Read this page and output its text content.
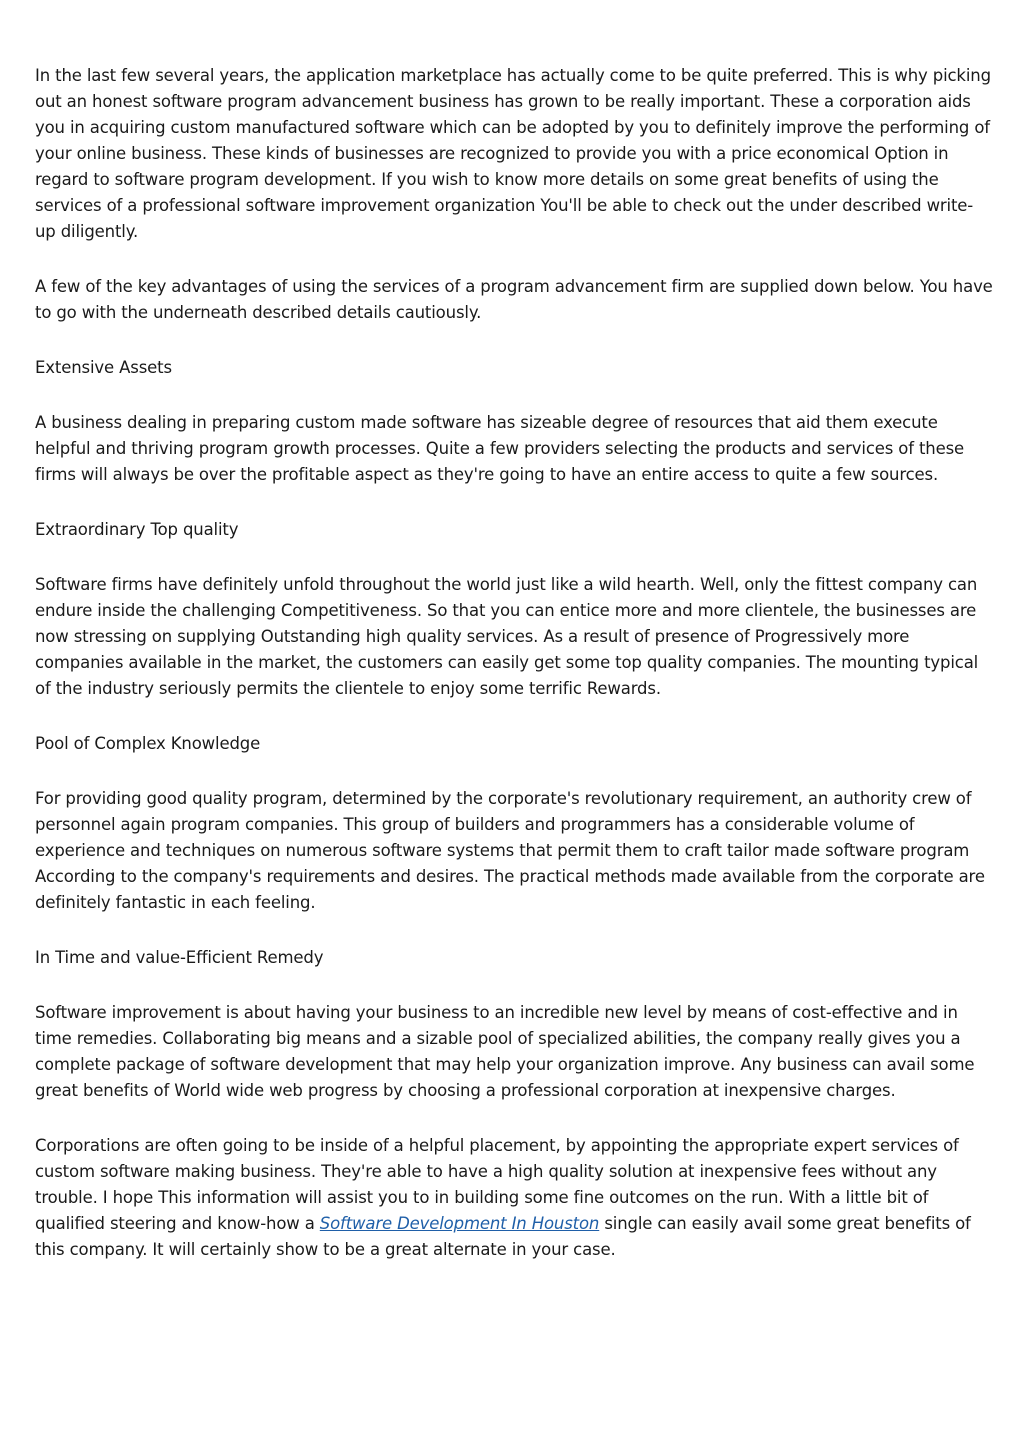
In the last few several years, the application marketplace has actually come to be quite preferred. This is why picking out an honest software program advancement business has grown to be really important. These a corporation aids you in acquiring custom manufactured software which can be adopted by you to definitely improve the performing of your online business. These kinds of businesses are recognized to provide you with a price economical Option in regard to software program development. If you wish to know more details on some great benefits of using the services of a professional software improvement organization You'll be able to check out the under described write-up diligently.

A few of the key advantages of using the services of a program advancement firm are supplied down below. You have to go with the underneath described details cautiously.

Extensive Assets

A business dealing in preparing custom made software has sizeable degree of resources that aid them execute helpful and thriving program growth processes. Quite a few providers selecting the products and services of these firms will always be over the profitable aspect as they're going to have an entire access to quite a few sources.

Extraordinary Top quality

Software firms have definitely unfold throughout the world just like a wild hearth. Well, only the fittest company can endure inside the challenging Competitiveness. So that you can entice more and more clientele, the businesses are now stressing on supplying Outstanding high quality services. As a result of presence of Progressively more companies available in the market, the customers can easily get some top quality companies. The mounting typical of the industry seriously permits the clientele to enjoy some terrific Rewards.

Pool of Complex Knowledge

For providing good quality program, determined by the corporate's revolutionary requirement, an authority crew of personnel again program companies. This group of builders and programmers has a considerable volume of experience and techniques on numerous software systems that permit them to craft tailor made software program According to the company's requirements and desires. The practical methods made available from the corporate are definitely fantastic in each feeling.

In Time and value-Efficient Remedy

Software improvement is about having your business to an incredible new level by means of cost-effective and in time remedies. Collaborating big means and a sizable pool of specialized abilities, the company really gives you a complete package of software development that may help your organization improve. Any business can avail some great benefits of World wide web progress by choosing a professional corporation at inexpensive charges.

Corporations are often going to be inside of a helpful placement, by appointing the appropriate expert services of custom software making business. They're able to have a high quality solution at inexpensive fees without any trouble. I hope This information will assist you to in building some fine outcomes on the run. With a little bit of qualified steering and know-how a Software Development In Houston single can easily avail some great benefits of this company. It will certainly show to be a great alternate in your case.
